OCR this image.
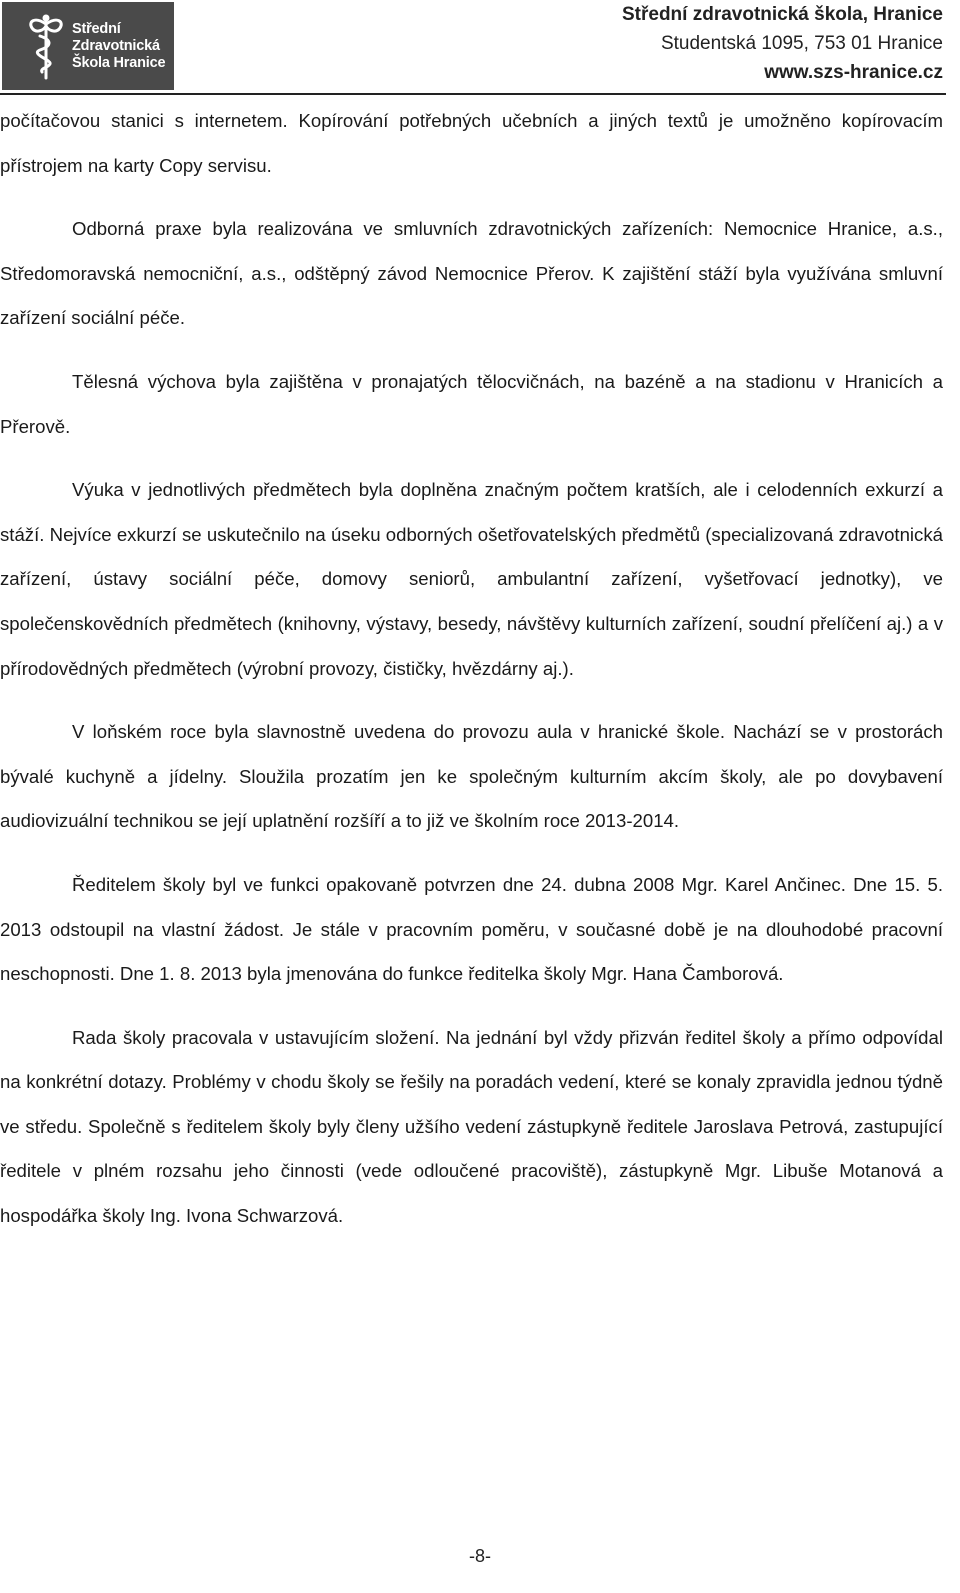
Střední
Zdravotnická
Škola Hranice
Střední zdravotnická škola, Hranice
Studentská 1095, 753 01 Hranice
www.szs-hranice.cz

počítačovou stanici s internetem. Kopírování potřebných učebních a jiných textů je umožněno kopírovacím přístrojem na karty Copy servisu.

Odborná praxe byla realizována ve smluvních zdravotnických zařízeních: Nemocnice Hranice, a.s., Středomoravská nemocniční, a.s., odštěpný závod Nemocnice Přerov. K zajištění stáží byla využívána smluvní zařízení sociální péče.

Tělesná výchova byla zajištěna v pronajatých tělocvičnách, na bazéně a na stadionu v Hranicích a Přerově.

Výuka v jednotlivých předmětech byla doplněna značným počtem kratších, ale i celodenních exkurzí a stáží. Nejvíce exkurzí se uskutečnilo na úseku odborných ošetřovatelských předmětů (specializovaná zdravotnická zařízení, ústavy sociální péče, domovy seniorů, ambulantní zařízení, vyšetřovací jednotky), ve společenskovědních předmětech (knihovny, výstavy, besedy, návštěvy kulturních zařízení, soudní přelíčení aj.) a v přírodovědných předmětech (výrobní provozy, čističky, hvězdárny aj.).

V loňském roce byla slavnostně uvedena do provozu aula v hranické škole. Nachází se v prostorách bývalé kuchyně a jídelny. Sloužila prozatím jen ke společným kulturním akcím školy, ale po dovybavení audiovizuální technikou se její uplatnění rozšíří a to již ve školním roce 2013-2014.

Ředitelem školy byl ve funkci opakovaně potvrzen dne 24. dubna 2008 Mgr. Karel Ančinec. Dne 15. 5. 2013 odstoupil na vlastní žádost. Je stále v pracovním poměru, v současné době je na dlouhodobé pracovní neschopnosti. Dne 1. 8. 2013 byla jmenována do funkce ředitelka školy Mgr. Hana Čamborová.

Rada školy pracovala v ustavujícím složení. Na jednání byl vždy přizván ředitel školy a přímo odpovídal na konkrétní dotazy. Problémy v chodu školy se řešily na poradách vedení, které se konaly zpravidla jednou týdně ve středu. Společně s ředitelem školy byly členy užšího vedení zástupkyně ředitele Jaroslava Petrová, zastupující ředitele v plném rozsahu jeho činnosti (vede odloučené pracoviště), zástupkyně Mgr. Libuše Motanová a hospodářka školy Ing. Ivona Schwarzová.

-8-
